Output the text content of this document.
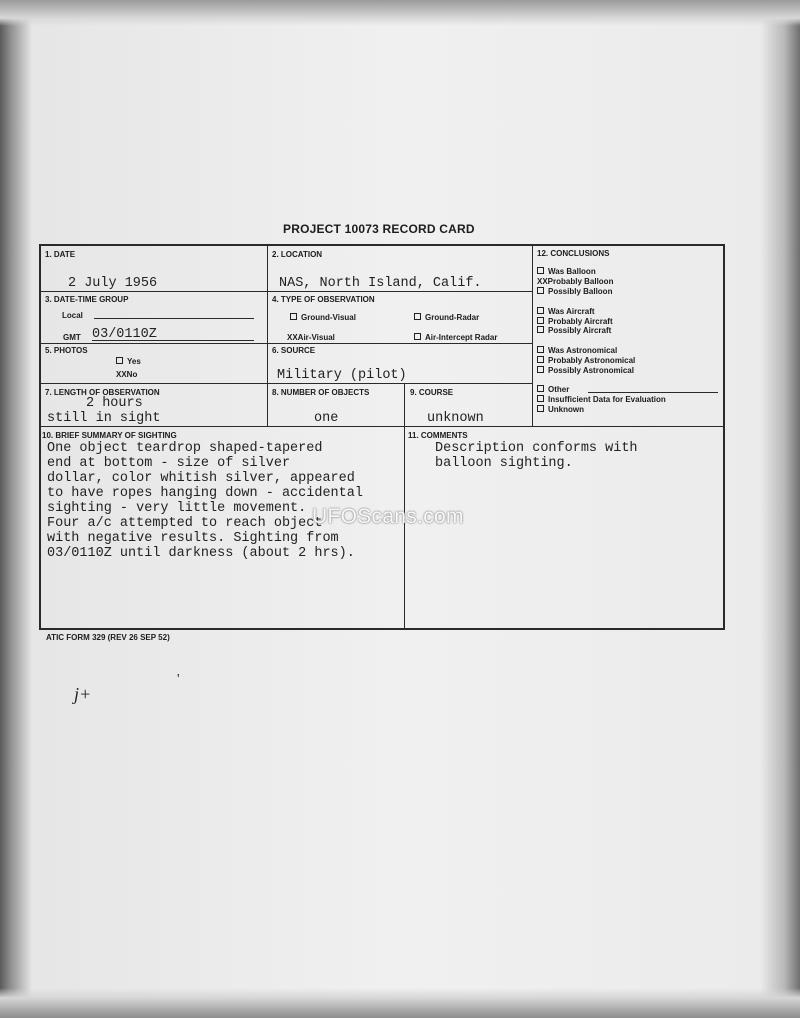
PROJECT 10073 RECORD CARD
1. DATE
2 July 1956
2. LOCATION
NAS, North Island, Calif.
3. DATE-TIME GROUP
Local
GMT 03/0110Z
4. TYPE OF OBSERVATION
Ground-Visual	Ground-Radar
XXAir-Visual	Air-Intercept Radar
5. PHOTOS
Yes
XXNo
6. SOURCE
Military (pilot)
7. LENGTH OF OBSERVATION
2 hours
still in sight
8. NUMBER OF OBJECTS
one
9. COURSE
unknown
10. BRIEF SUMMARY OF SIGHTING
One object teardrop shaped-tapered
end at bottom - size of silver
dollar, color whitish silver, appeared
to have ropes hanging down - accidental
sighting - very little movement.
Four a/c attempted to reach object
with negative results. Sighting from
03/0110Z until darkness (about 2 hrs).
11. COMMENTS
Description conforms with
balloon sighting.
12. CONCLUSIONS
Was Balloon
XXProbably Balloon
Possibly Balloon
Was Aircraft
Probably Aircraft
Possibly Aircraft
Was Astronomical
Probably Astronomical
Possibly Astronomical
Other
Insufficient Data for Evaluation
Unknown
UFOScans.com
ATIC FORM 329 (REV 26 SEP 52)
j+
'
